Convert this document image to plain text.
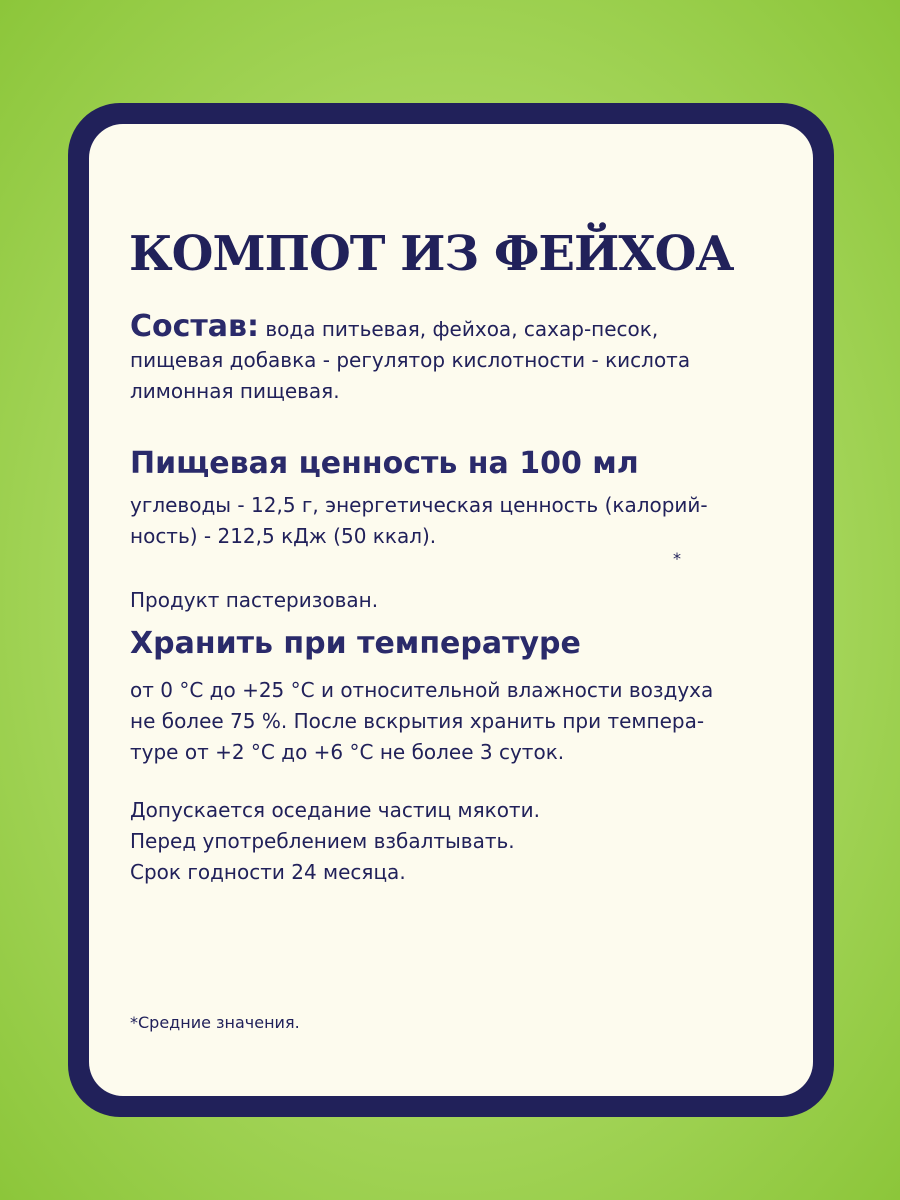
КОМПОТ ИЗ ФЕЙХОА
Состав: вода питьевая, фейхоа, сахар-песок,
пищевая добавка - регулятор кислотности - кислота
лимонная пищевая.
Пищевая ценность на 100 мл
углеводы - 12,5 г, энергетическая ценность (калорий-
ность) - 212,5 кДж (50 ккал).
*
Продукт пастеризован.
Хранить при температуре
от 0 °С до +25 °С и относительной влажности воздуха
не более 75 %. После вскрытия хранить при темпера-
туре от +2 °С до +6 °С не более 3 суток.
Допускается оседание частиц мякоти.
Перед употреблением взбалтывать.
Срок годности 24 месяца.
*Средние значения.
